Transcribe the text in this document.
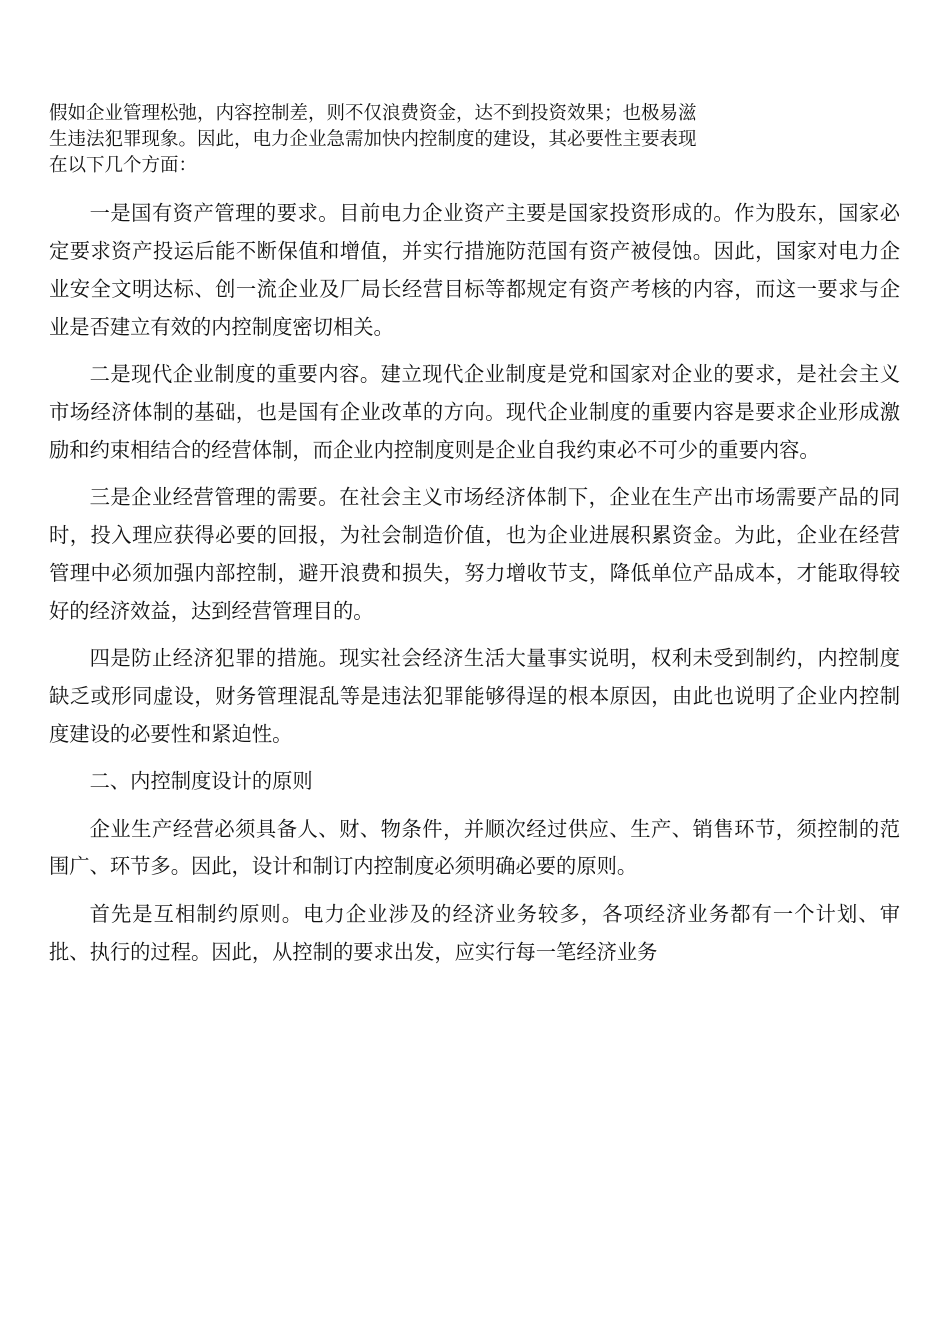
假如企业管理松弛，内容控制差，则不仅浪费资金，达不到投资效果；也极易滋
生违法犯罪现象。因此，电力企业急需加快内控制度的建设，其必要性主要表现
在以下几个方面：

一是国有资产管理的要求。目前电力企业资产主要是国家投资形成的。作为股东，国家必定要求资产投运后能不断保值和增值，并实行措施防范国有资产被侵蚀。因此，国家对电力企业安全文明达标、创一流企业及厂局长经营目标等都规定有资产考核的内容，而这一要求与企业是否建立有效的内控制度密切相关。

二是现代企业制度的重要内容。建立现代企业制度是党和国家对企业的要求，是社会主义市场经济体制的基础，也是国有企业改革的方向。现代企业制度的重要内容是要求企业形成激励和约束相结合的经营体制，而企业内控制度则是企业自我约束必不可少的重要内容。

三是企业经营管理的需要。在社会主义市场经济体制下，企业在生产出市场需要产品的同时，投入理应获得必要的回报，为社会制造价值，也为企业进展积累资金。为此，企业在经营管理中必须加强内部控制，避开浪费和损失，努力增收节支，降低单位产品成本，才能取得较好的经济效益，达到经营管理目的。

四是防止经济犯罪的措施。现实社会经济生活大量事实说明，权利未受到制约，内控制度缺乏或形同虚设，财务管理混乱等是违法犯罪能够得逞的根本原因，由此也说明了企业内控制度建设的必要性和紧迫性。

二、内控制度设计的原则

企业生产经营必须具备人、财、物条件，并顺次经过供应、生产、销售环节，须控制的范围广、环节多。因此，设计和制订内控制度必须明确必要的原则。

首先是互相制约原则。电力企业涉及的经济业务较多，各项经济业务都有一个计划、审批、执行的过程。因此，从控制的要求出发，应实行每一笔经济业务
